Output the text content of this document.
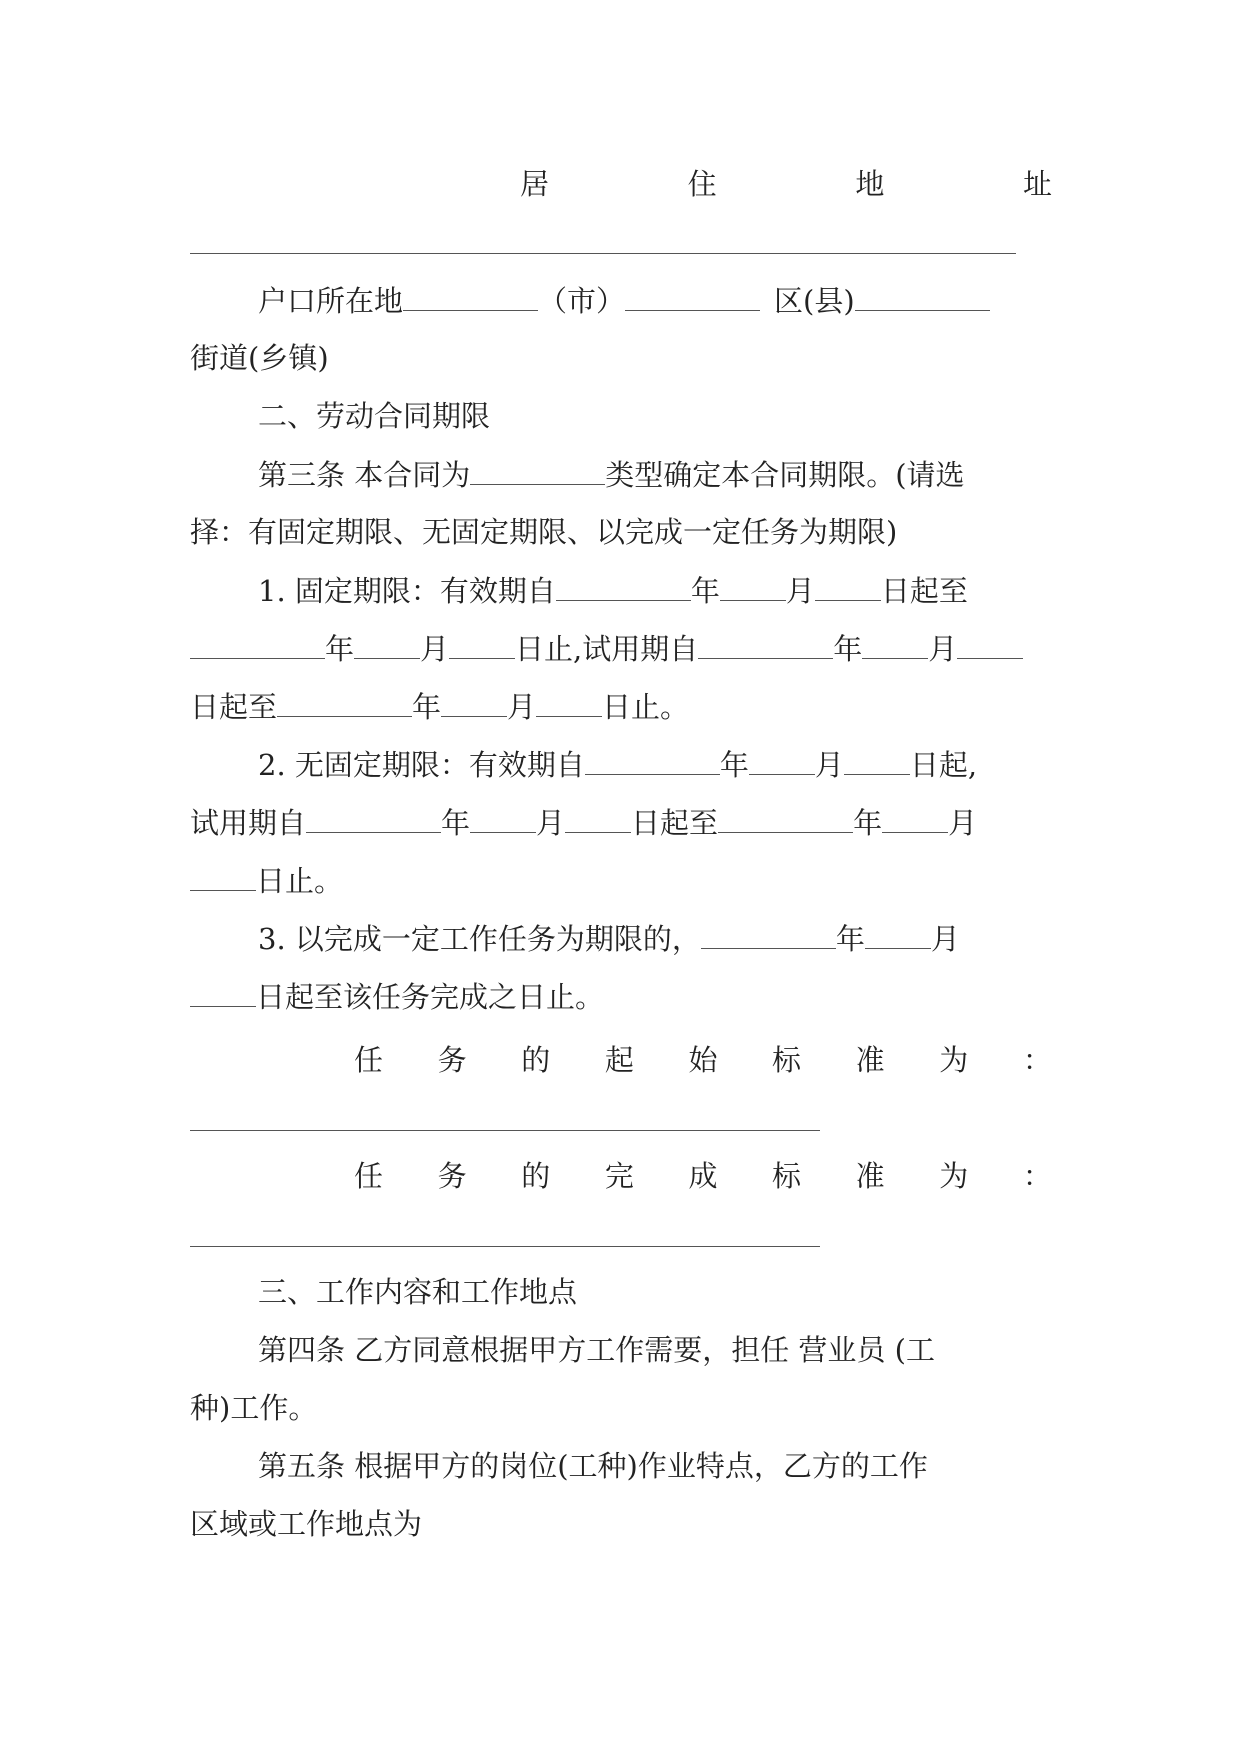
居	住	地	址
户口所在地	（市）	区(县)
街道(乡镇)
二、劳动合同期限
第三条 本合同为	类型确定本合同期限。(请选
择：有固定期限、无固定期限、以完成一定任务为期限)
1. 固定期限：有效期自	年 月 日起至
年 月 日止,试用期自	年 月
日起至	年 月 日止。
2. 无固定期限：有效期自	年 月 日起,
试用期自	年 月 日起至	年 月
日止。
3. 以完成一定工作任务为期限的，	年 月
日起至该任务完成之日止。
任 务 的 起 始 标 准 为 ：
任 务 的 完 成 标 准 为 ：
三、工作内容和工作地点
第四条 乙方同意根据甲方工作需要，担任 营业员 (工
种)工作。
第五条 根据甲方的岗位(工种)作业特点，乙方的工作
区域或工作地点为
